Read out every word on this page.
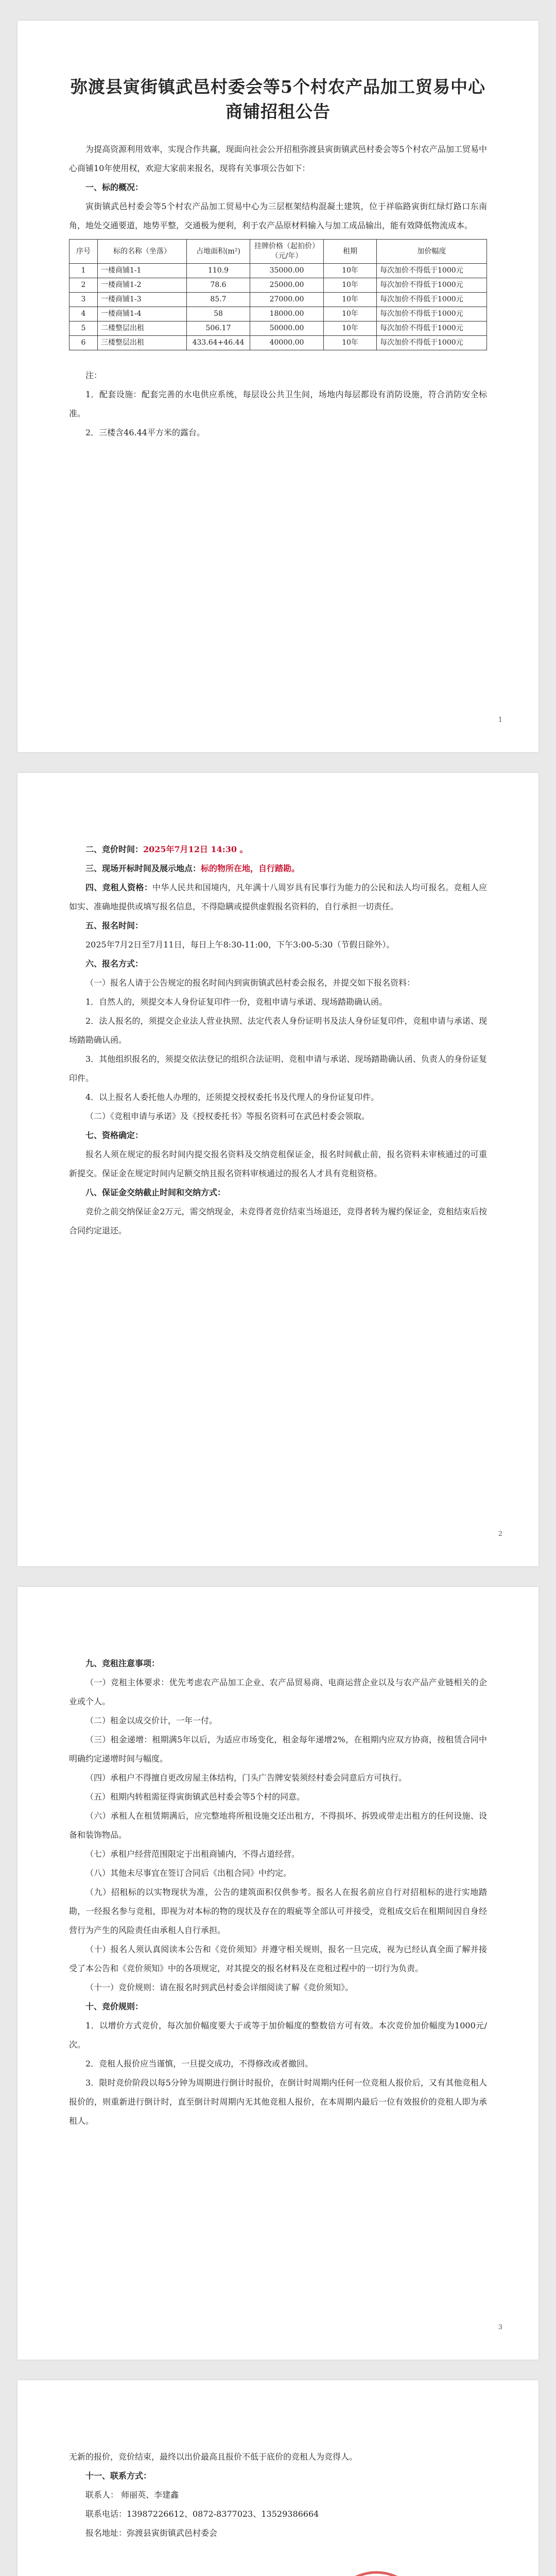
弥渡县寅街镇武邑村委会等5个村农产品加工贸易中心商铺招租公告

为提高资源利用效率，实现合作共赢，现面向社会公开招租弥渡县寅街镇武邑村委会等5个村农产品加工贸易中心商铺10年使用权，欢迎大家前来报名，现将有关事项公告如下：

一、标的概况：

寅街镇武邑村委会等5个村农产品加工贸易中心为三层框架结构混凝土建筑，位于祥临路寅街红绿灯路口东南角，地处交通要道，地势平整，交通极为便利，利于农产品原材料输入与加工成品输出，能有效降低物流成本。

序号	标的名称（坐落）	占地面积(m²)	挂牌价格（起拍价）（元/年）	租期	加价幅度
1	一楼商铺1-1	110.9	35000.00	10年	每次加价不得低于1000元
2	一楼商铺1-2	78.6	25000.00	10年	每次加价不得低于1000元
3	一楼商铺1-3	85.7	27000.00	10年	每次加价不得低于1000元
4	一楼商铺1-4	58	18000.00	10年	每次加价不得低于1000元
5	二楼整层出租	506.17	50000.00	10年	每次加价不得低于1000元
6	三楼整层出租	433.64+46.44	40000.00	10年	每次加价不得低于1000元

注：

1．配套设施：配套完善的水电供应系统，每层设公共卫生间，场地内每层都设有消防设施，符合消防安全标准。

2．三楼含46.44平方米的露台。

1

二、竞价时间：2025年7月12日 14:30 。

三、现场开标时间及展示地点：标的物所在地，自行踏勘。

四、竞租人资格：中华人民共和国境内，凡年满十八周岁具有民事行为能力的公民和法人均可报名。竞租人应如实、准确地提供或填写报名信息，不得隐瞒或提供虚假报名资料的，自行承担一切责任。

五、报名时间：

2025年7月2日至7月11日，每日上午8:30-11:00，下午3:00-5:30（节假日除外）。

六、报名方式：

（一）报名人请于公告规定的报名时间内到寅街镇武邑村委会报名，并提交如下报名资料：

1．自然人的，须提交本人身份证复印件一份，竞租申请与承诺、现场踏勘确认函。

2．法人报名的，须提交企业法人营业执照、法定代表人身份证明书及法人身份证复印件，竞租申请与承诺、现场踏勘确认函。

3．其他组织报名的，须提交依法登记的组织合法证明、竞租申请与承诺、现场踏勘确认函、负责人的身份证复印件。

4．以上报名人委托他人办理的，还须提交授权委托书及代理人的身份证复印件。

（二）《竞租申请与承诺》及《授权委托书》等报名资料可在武邑村委会领取。

七、资格确定：

报名人须在规定的报名时间内提交报名资料及交纳竞租保证金，报名时间截止前，报名资料未审核通过的可重新提交。保证金在规定时间内足额交纳且报名资料审核通过的报名人才具有竞租资格。

八、保证金交纳截止时间和交纳方式：

竞价之前交纳保证金2万元，需交纳现金，未竞得者竞价结束当场退还，竞得者转为履约保证金，竞租结束后按合同约定退还。

2

九、竞租注意事项：

（一）竞租主体要求：优先考虑农产品加工企业、农产品贸易商、电商运营企业以及与农产品产业链相关的企业或个人。

（二）租金以成交价计，一年一付。

（三）租金递增：租期满5年以后，为适应市场变化，租金每年递增2%，在租期内应双方协商，按租赁合同中明确约定递增时间与幅度。

（四）承租户不得擅自更改房屋主体结构，门头广告牌安装须经村委会同意后方可执行。

（五）租期内转租需征得寅街镇武邑村委会等5个村的同意。

（六）承租人在租赁期满后，应完整地将所租设施交还出租方，不得损坏、拆毁或带走出租方的任何设施、设备和装饰物品。

（七）承租户经营范围限定于出租商铺内，不得占道经营。

（八）其他未尽事宜在签订合同后《出租合同》中约定。

（九）招租标的以实物现状为准，公告的建筑面积仅供参考。报名人在报名前应自行对招租标的进行实地踏勘，一经报名参与竞租，即视为对本标的物的现状及存在的瑕疵等全部认可并接受，竞租成交后在租期间因自身经营行为产生的风险责任由承租人自行承担。

（十）报名人须认真阅读本公告和《竞价须知》并遵守相关规则，报名一旦完成，视为已经认真全面了解并接受了本公告和《竞价须知》中的各项规定，对其提交的报名材料及在竞租过程中的一切行为负责。

（十一）竞价规则：请在报名时到武邑村委会详细阅读了解《竞价须知》。

十、竞价规则：

1．以增价方式竞价，每次加价幅度要大于或等于加价幅度的整数倍方可有效。本次竞价加价幅度为1000元/次。

2．竞租人报价应当谨慎，一旦提交成功，不得修改或者撤回。

3．限时竞价阶段以每5分钟为周期进行倒计时报价，在倒计时周期内任何一位竞租人报价后，又有其他竞租人报价的，则重新进行倒计时，直至倒计时周期内无其他竞租人报价，在本周期内最后一位有效报价的竞租人即为承租人。

3

无新的报价，竞价结束，最终以出价最高且报价不低于底价的竞租人为竞得人。

十一、联系方式：

联系人： 师丽英、李建鑫

联系电话：13987226612、0872-8377023、13529386664

报名地址：弥渡县寅街镇武邑村委会
